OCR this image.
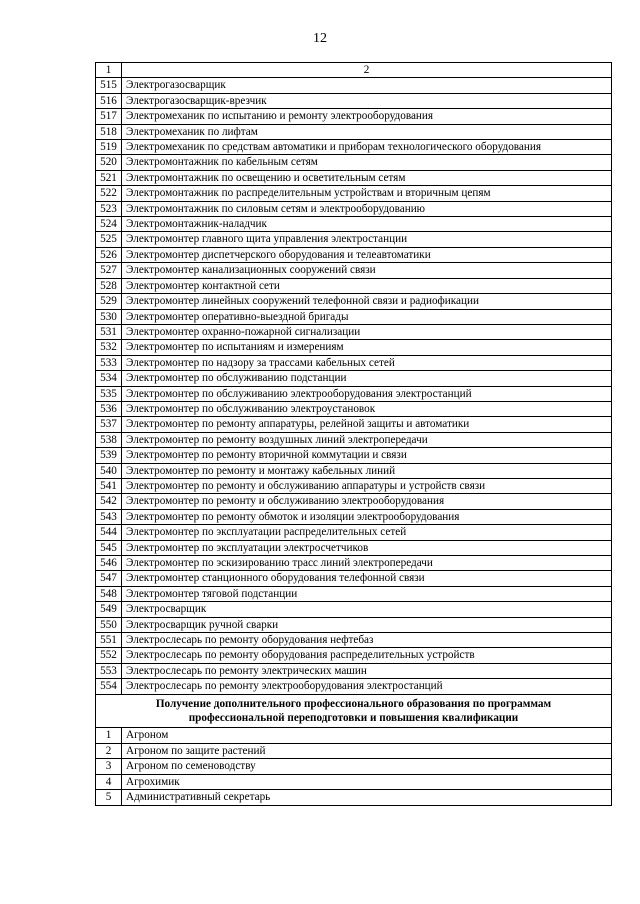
12
1	2
515	Электрогазосварщик
516	Электрогазосварщик-врезчик
517	Электромеханик по испытанию и ремонту электрооборудования
518	Электромеханик по лифтам
519	Электромеханик по средствам автоматики и приборам технологического оборудования
520	Электромонтажник по кабельным сетям
521	Электромонтажник по освещению и осветительным сетям
522	Электромонтажник по распределительным устройствам и вторичным цепям
523	Электромонтажник по силовым сетям и электрооборудованию
524	Электромонтажник-наладчик
525	Электромонтер главного щита управления электростанции
526	Электромонтер диспетчерского оборудования и телеавтоматики
527	Электромонтер канализационных сооружений связи
528	Электромонтер контактной сети
529	Электромонтер линейных сооружений телефонной связи и радиофикации
530	Электромонтер оперативно-выездной бригады
531	Электромонтер охранно-пожарной сигнализации
532	Электромонтер по испытаниям и измерениям
533	Электромонтер по надзору за трассами кабельных сетей
534	Электромонтер по обслуживанию подстанции
535	Электромонтер по обслуживанию электрооборудования электростанций
536	Электромонтер по обслуживанию электроустановок
537	Электромонтер по ремонту аппаратуры, релейной защиты и автоматики
538	Электромонтер по ремонту воздушных линий электропередачи
539	Электромонтер по ремонту вторичной коммутации и связи
540	Электромонтер по ремонту и монтажу кабельных линий
541	Электромонтер по ремонту и обслуживанию аппаратуры и устройств связи
542	Электромонтер по ремонту и обслуживанию электрооборудования
543	Электромонтер по ремонту обмоток и изоляции электрооборудования
544	Электромонтер по эксплуатации распределительных сетей
545	Электромонтер по эксплуатации электросчетчиков
546	Электромонтер по эскизированию трасс линий электропередачи
547	Электромонтер станционного оборудования телефонной связи
548	Электромонтер тяговой подстанции
549	Электросварщик
550	Электросварщик ручной сварки
551	Электрослесарь по ремонту оборудования нефтебаз
552	Электрослесарь по ремонту оборудования распределительных устройств
553	Электрослесарь по ремонту электрических машин
554	Электрослесарь по ремонту электрооборудования электростанций
Получение дополнительного профессионального образования по программам профессиональной переподготовки и повышения квалификации	
1	Агроном
2	Агроном по защите растений
3	Агроном по семеноводству
4	Агрохимик
5	Административный секретарь
